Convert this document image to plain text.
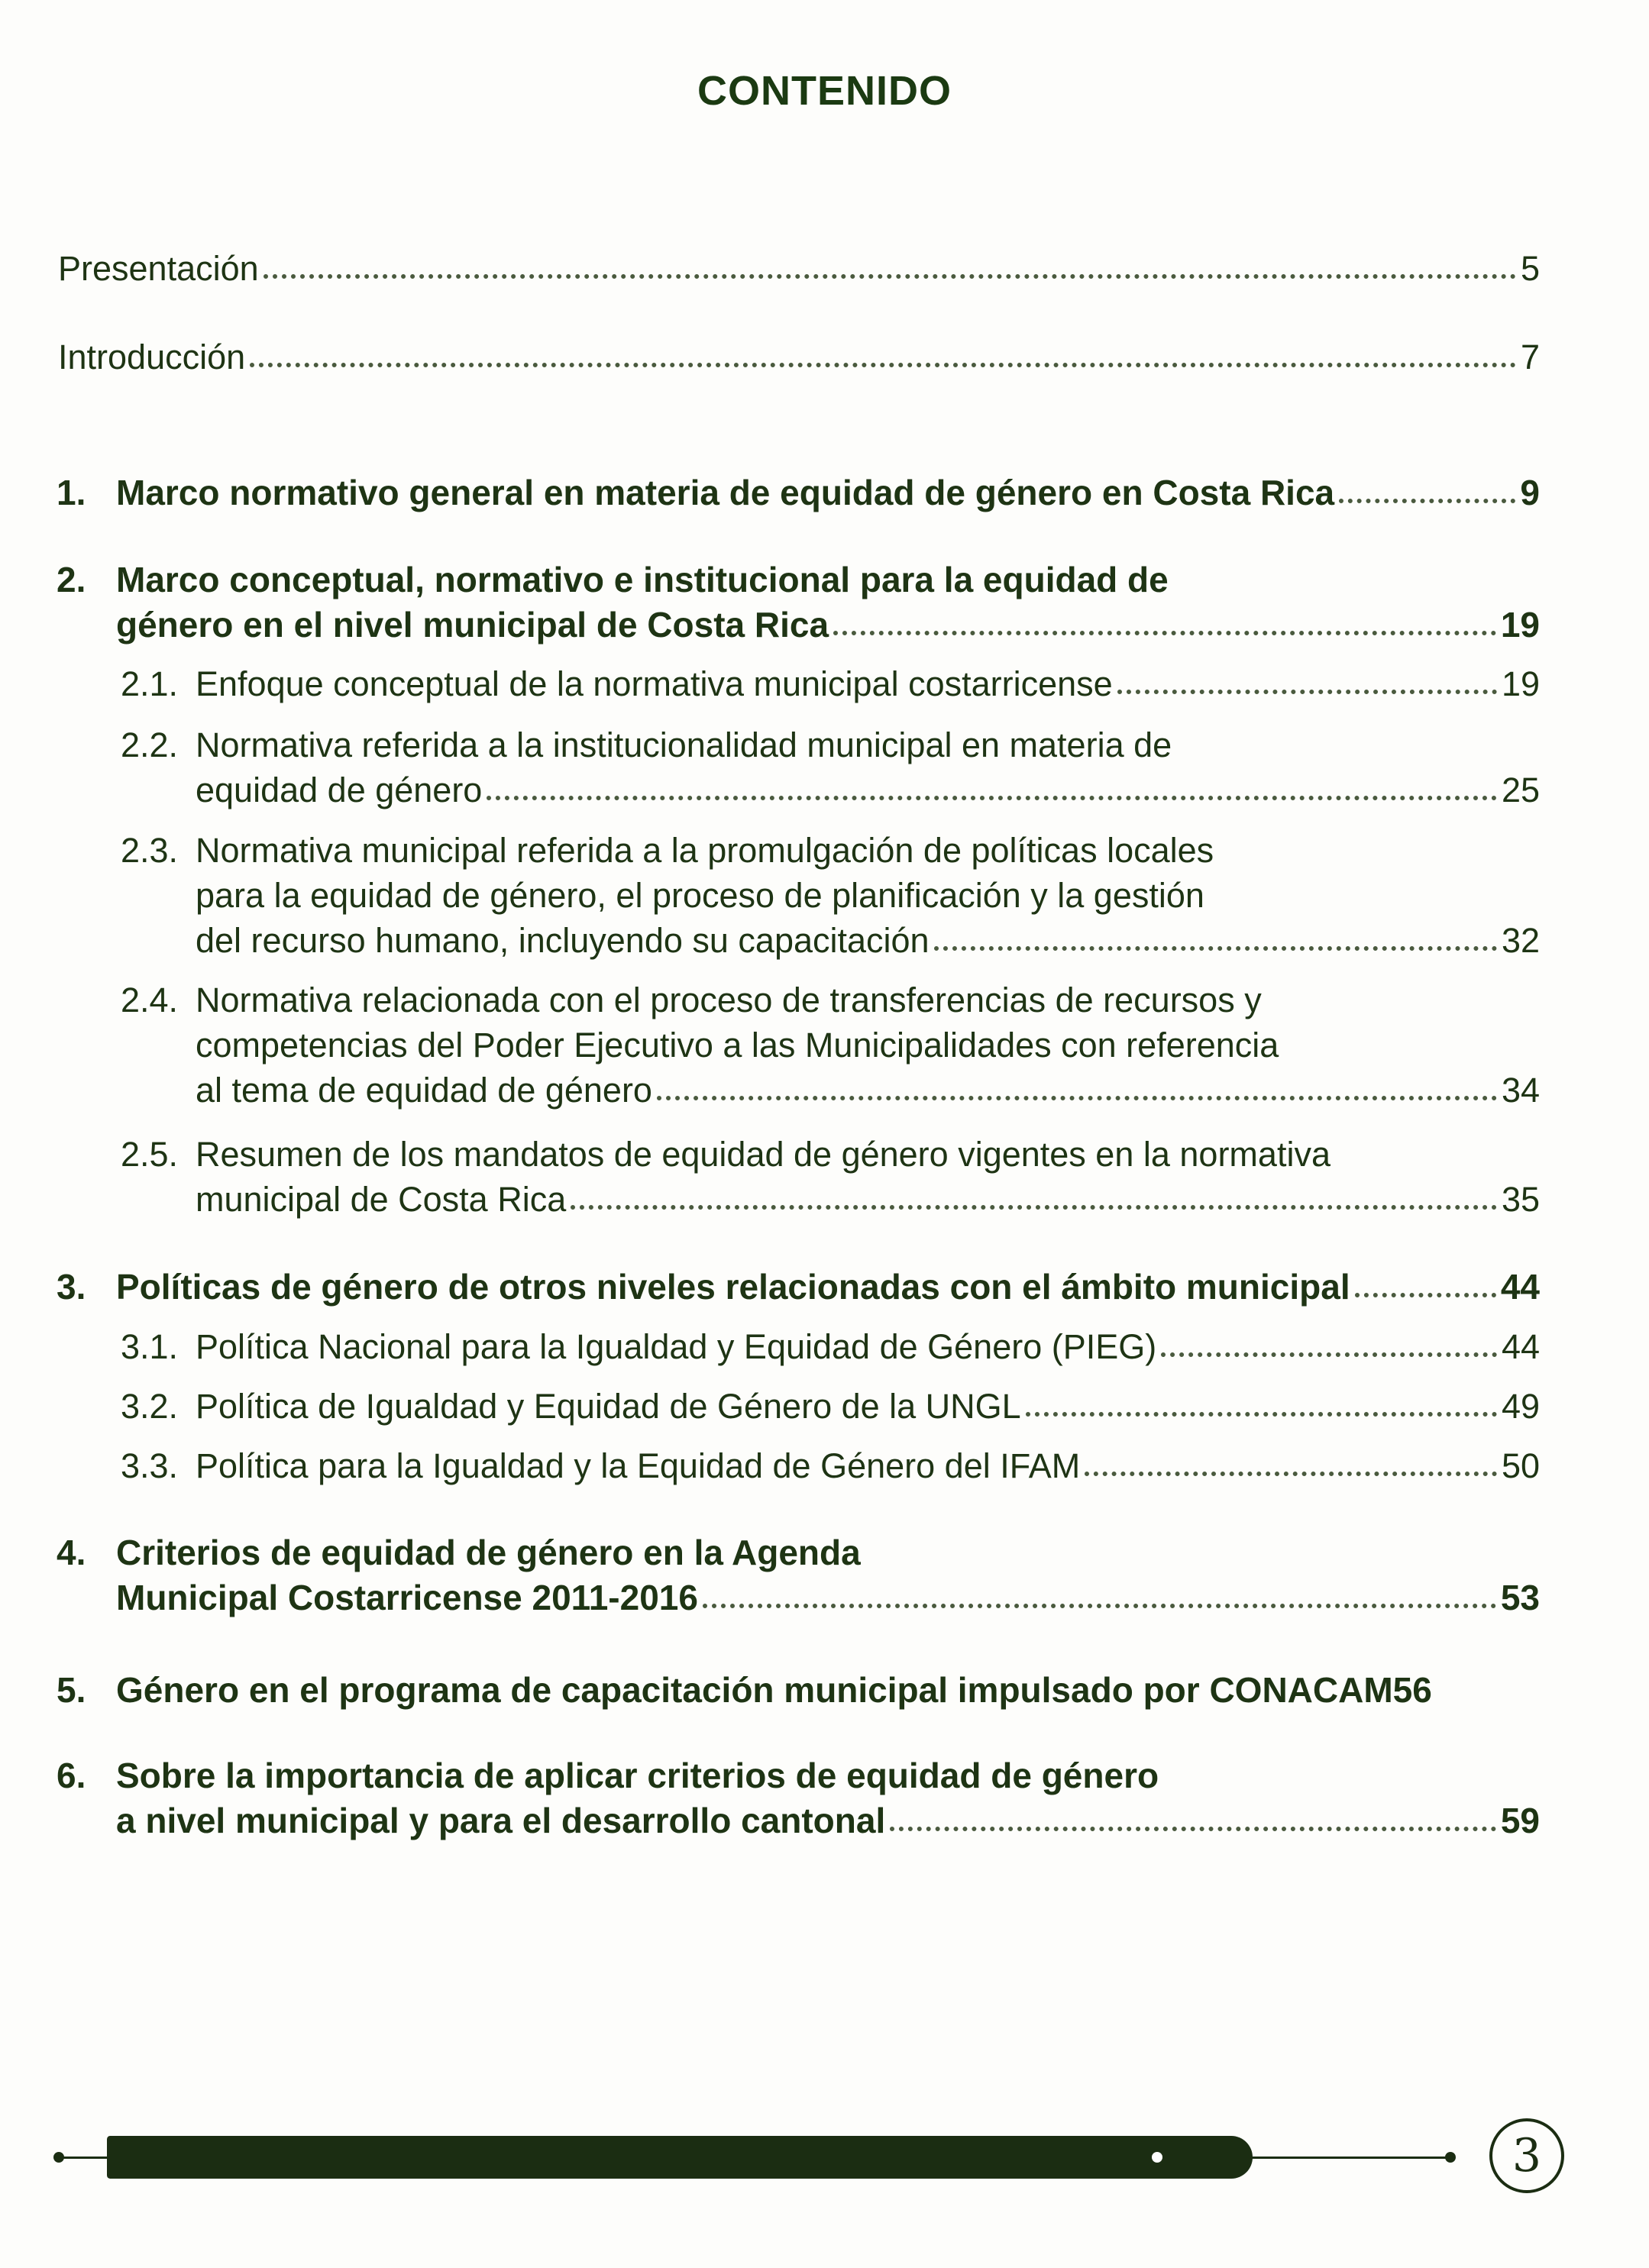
CONTENIDO
Presentación	5
Introducción	7
1. Marco normativo general en materia de equidad de género en Costa Rica	9
2. Marco conceptual, normativo e institucional para la equidad de
género en el nivel municipal de Costa Rica	19
2.1. Enfoque conceptual de la normativa municipal costarricense	19
2.2. Normativa referida a la institucionalidad municipal en materia de
equidad de género	25
2.3. Normativa municipal referida a la promulgación de políticas locales
para la equidad de género, el proceso de planificación y la gestión
del recurso humano, incluyendo su capacitación	32
2.4. Normativa relacionada con el proceso de transferencias de recursos y
competencias del Poder Ejecutivo a las Municipalidades con referencia
al tema de equidad de género	34
2.5. Resumen de los mandatos de equidad de género vigentes en la normativa
municipal de Costa Rica	35
3. Políticas de género de otros niveles relacionadas con el ámbito municipal	44
3.1. Política Nacional para la Igualdad y Equidad de Género (PIEG)	44
3.2. Política de Igualdad y Equidad de Género de la UNGL	49
3.3. Política para la Igualdad y la Equidad de Género del IFAM	50
4. Criterios de equidad de género en la Agenda
Municipal Costarricense 2011-2016	53
5. Género en el programa de capacitación municipal impulsado por CONACAM56
6. Sobre la importancia de aplicar criterios de equidad de género
a nivel municipal y para el desarrollo cantonal	59
3
